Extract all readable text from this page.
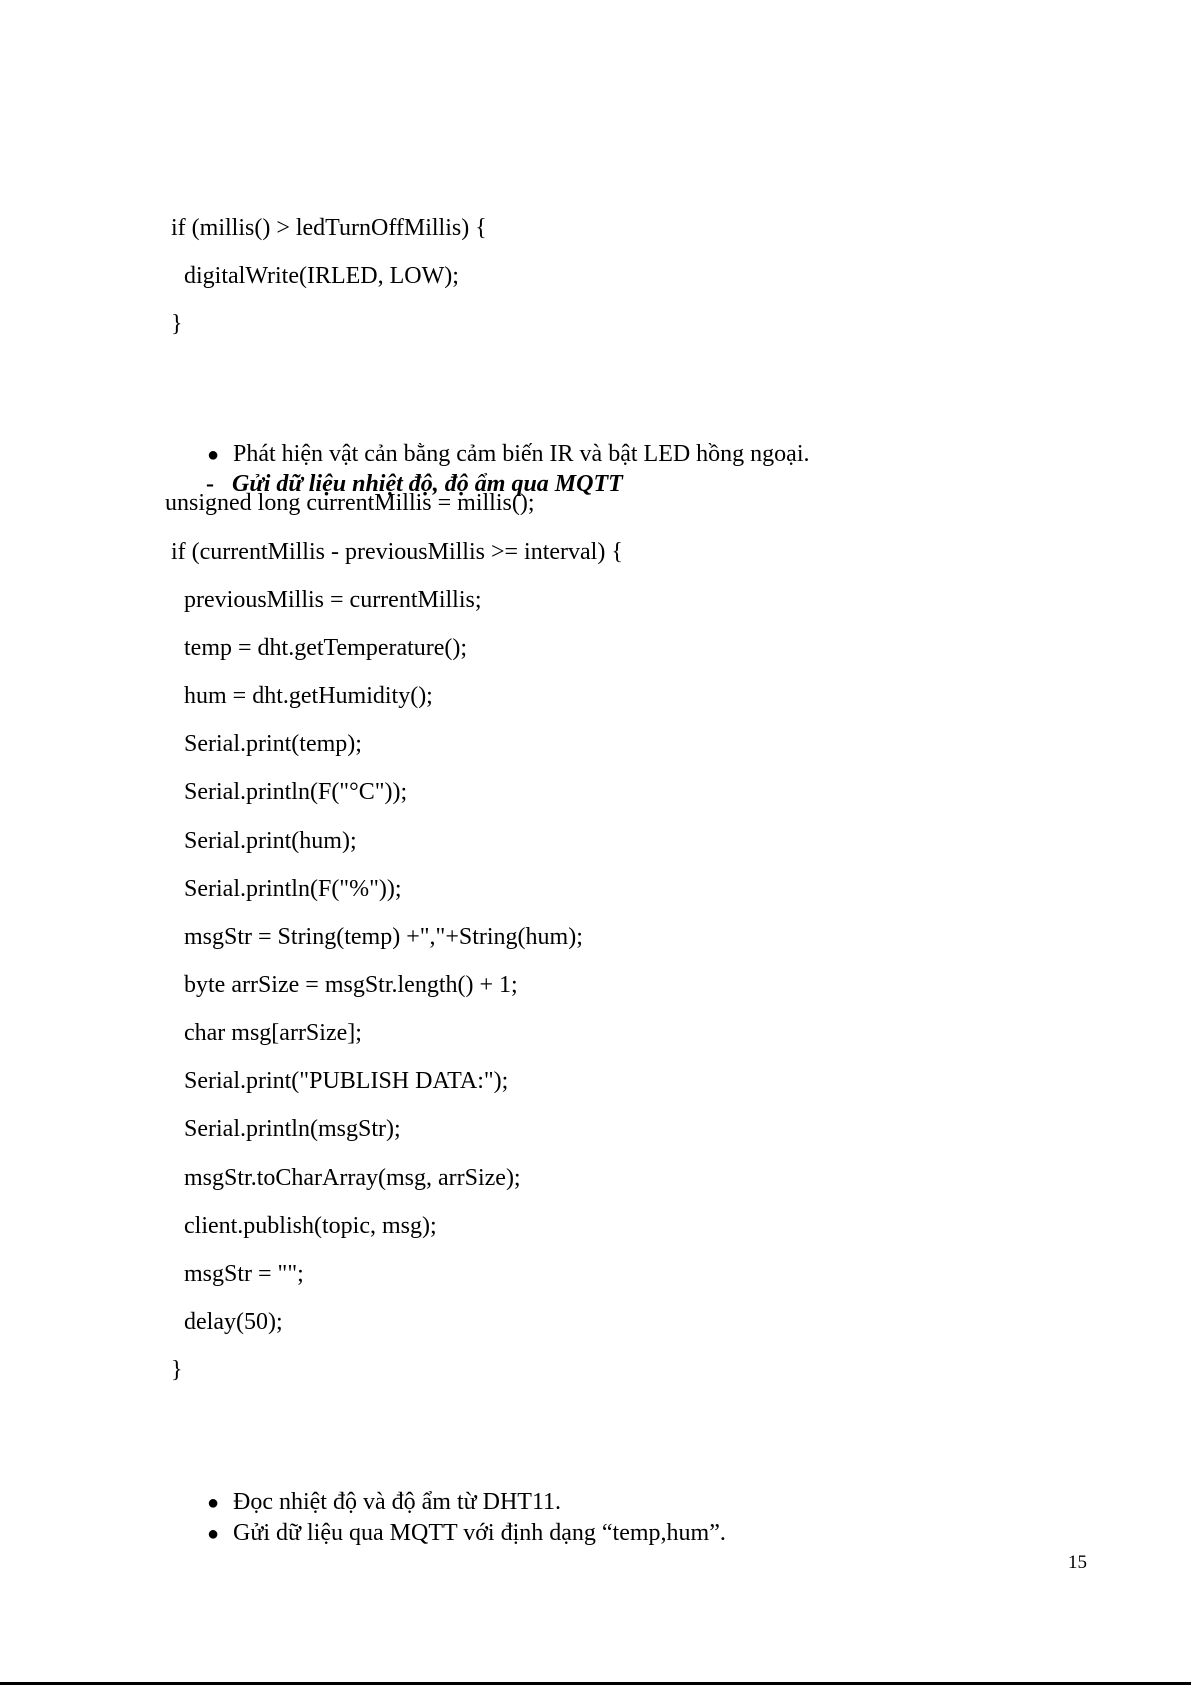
if (millis() > ledTurnOffMillis) {
digitalWrite(IRLED, LOW);
}

● Phát hiện vật cản bằng cảm biến IR và bật LED hồng ngoại.

- Gửi dữ liệu nhiệt độ, độ ẩm qua MQTT

unsigned long currentMillis = millis();
if (currentMillis - previousMillis >= interval) {
previousMillis = currentMillis;
temp = dht.getTemperature();
hum = dht.getHumidity();
Serial.print(temp);
Serial.println(F("°C"));
Serial.print(hum);
Serial.println(F("%"));
msgStr = String(temp) +","+String(hum);
byte arrSize = msgStr.length() + 1;
char msg[arrSize];
Serial.print("PUBLISH DATA:");
Serial.println(msgStr);
msgStr.toCharArray(msg, arrSize);
client.publish(topic, msg);
msgStr = "";
delay(50);
}

● Đọc nhiệt độ và độ ẩm từ DHT11.

● Gửi dữ liệu qua MQTT với định dạng “temp,hum”.

15
